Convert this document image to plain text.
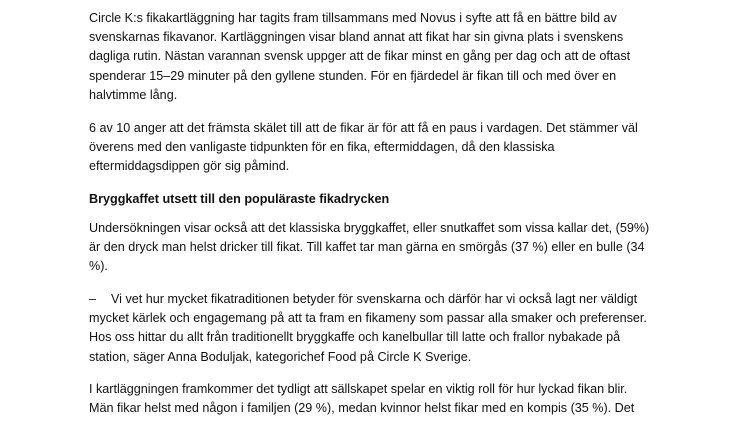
Circle K:s fikakartläggning har tagits fram tillsammans med Novus i syfte att få en bättre bild av
svenskarnas fikavanor. Kartläggningen visar bland annat att fikat har sin givna plats i svenskens
dagliga rutin. Nästan varannan svensk uppger att de fikar minst en gång per dag och att de oftast
spenderar 15–29 minuter på den gyllene stunden. För en fjärdedel är fikan till och med över en
halvtimme lång.

6 av 10 anger att det främsta skälet till att de fikar är för att få en paus i vardagen. Det stämmer väl
överens med den vanligaste tidpunkten för en fika, eftermiddagen, då den klassiska
eftermiddagsdippen gör sig påmind.

Bryggkaffet utsett till den populäraste fikadrycken

Undersökningen visar också att det klassiska bryggkaffet, eller snutkaffet som vissa kallar det, (59%)
är den dryck man helst dricker till fikat. Till kaffet tar man gärna en smörgås (37 %) eller en bulle (34
%).

– Vi vet hur mycket fikatraditionen betyder för svenskarna och därför har vi också lagt ner väldigt
mycket kärlek och engagemang på att ta fram en fikameny som passar alla smaker och preferenser.
Hos oss hittar du allt från traditionellt bryggkaffe och kanelbullar till latte och frallor nybakade på
station, säger Anna Boduljak, kategorichef Food på Circle K Sverige.

I kartläggningen framkommer det tydligt att sällskapet spelar en viktig roll för hur lyckad fikan blir.
Män fikar helst med någon i familjen (29 %), medan kvinnor helst fikar med en kompis (35 %). Det
